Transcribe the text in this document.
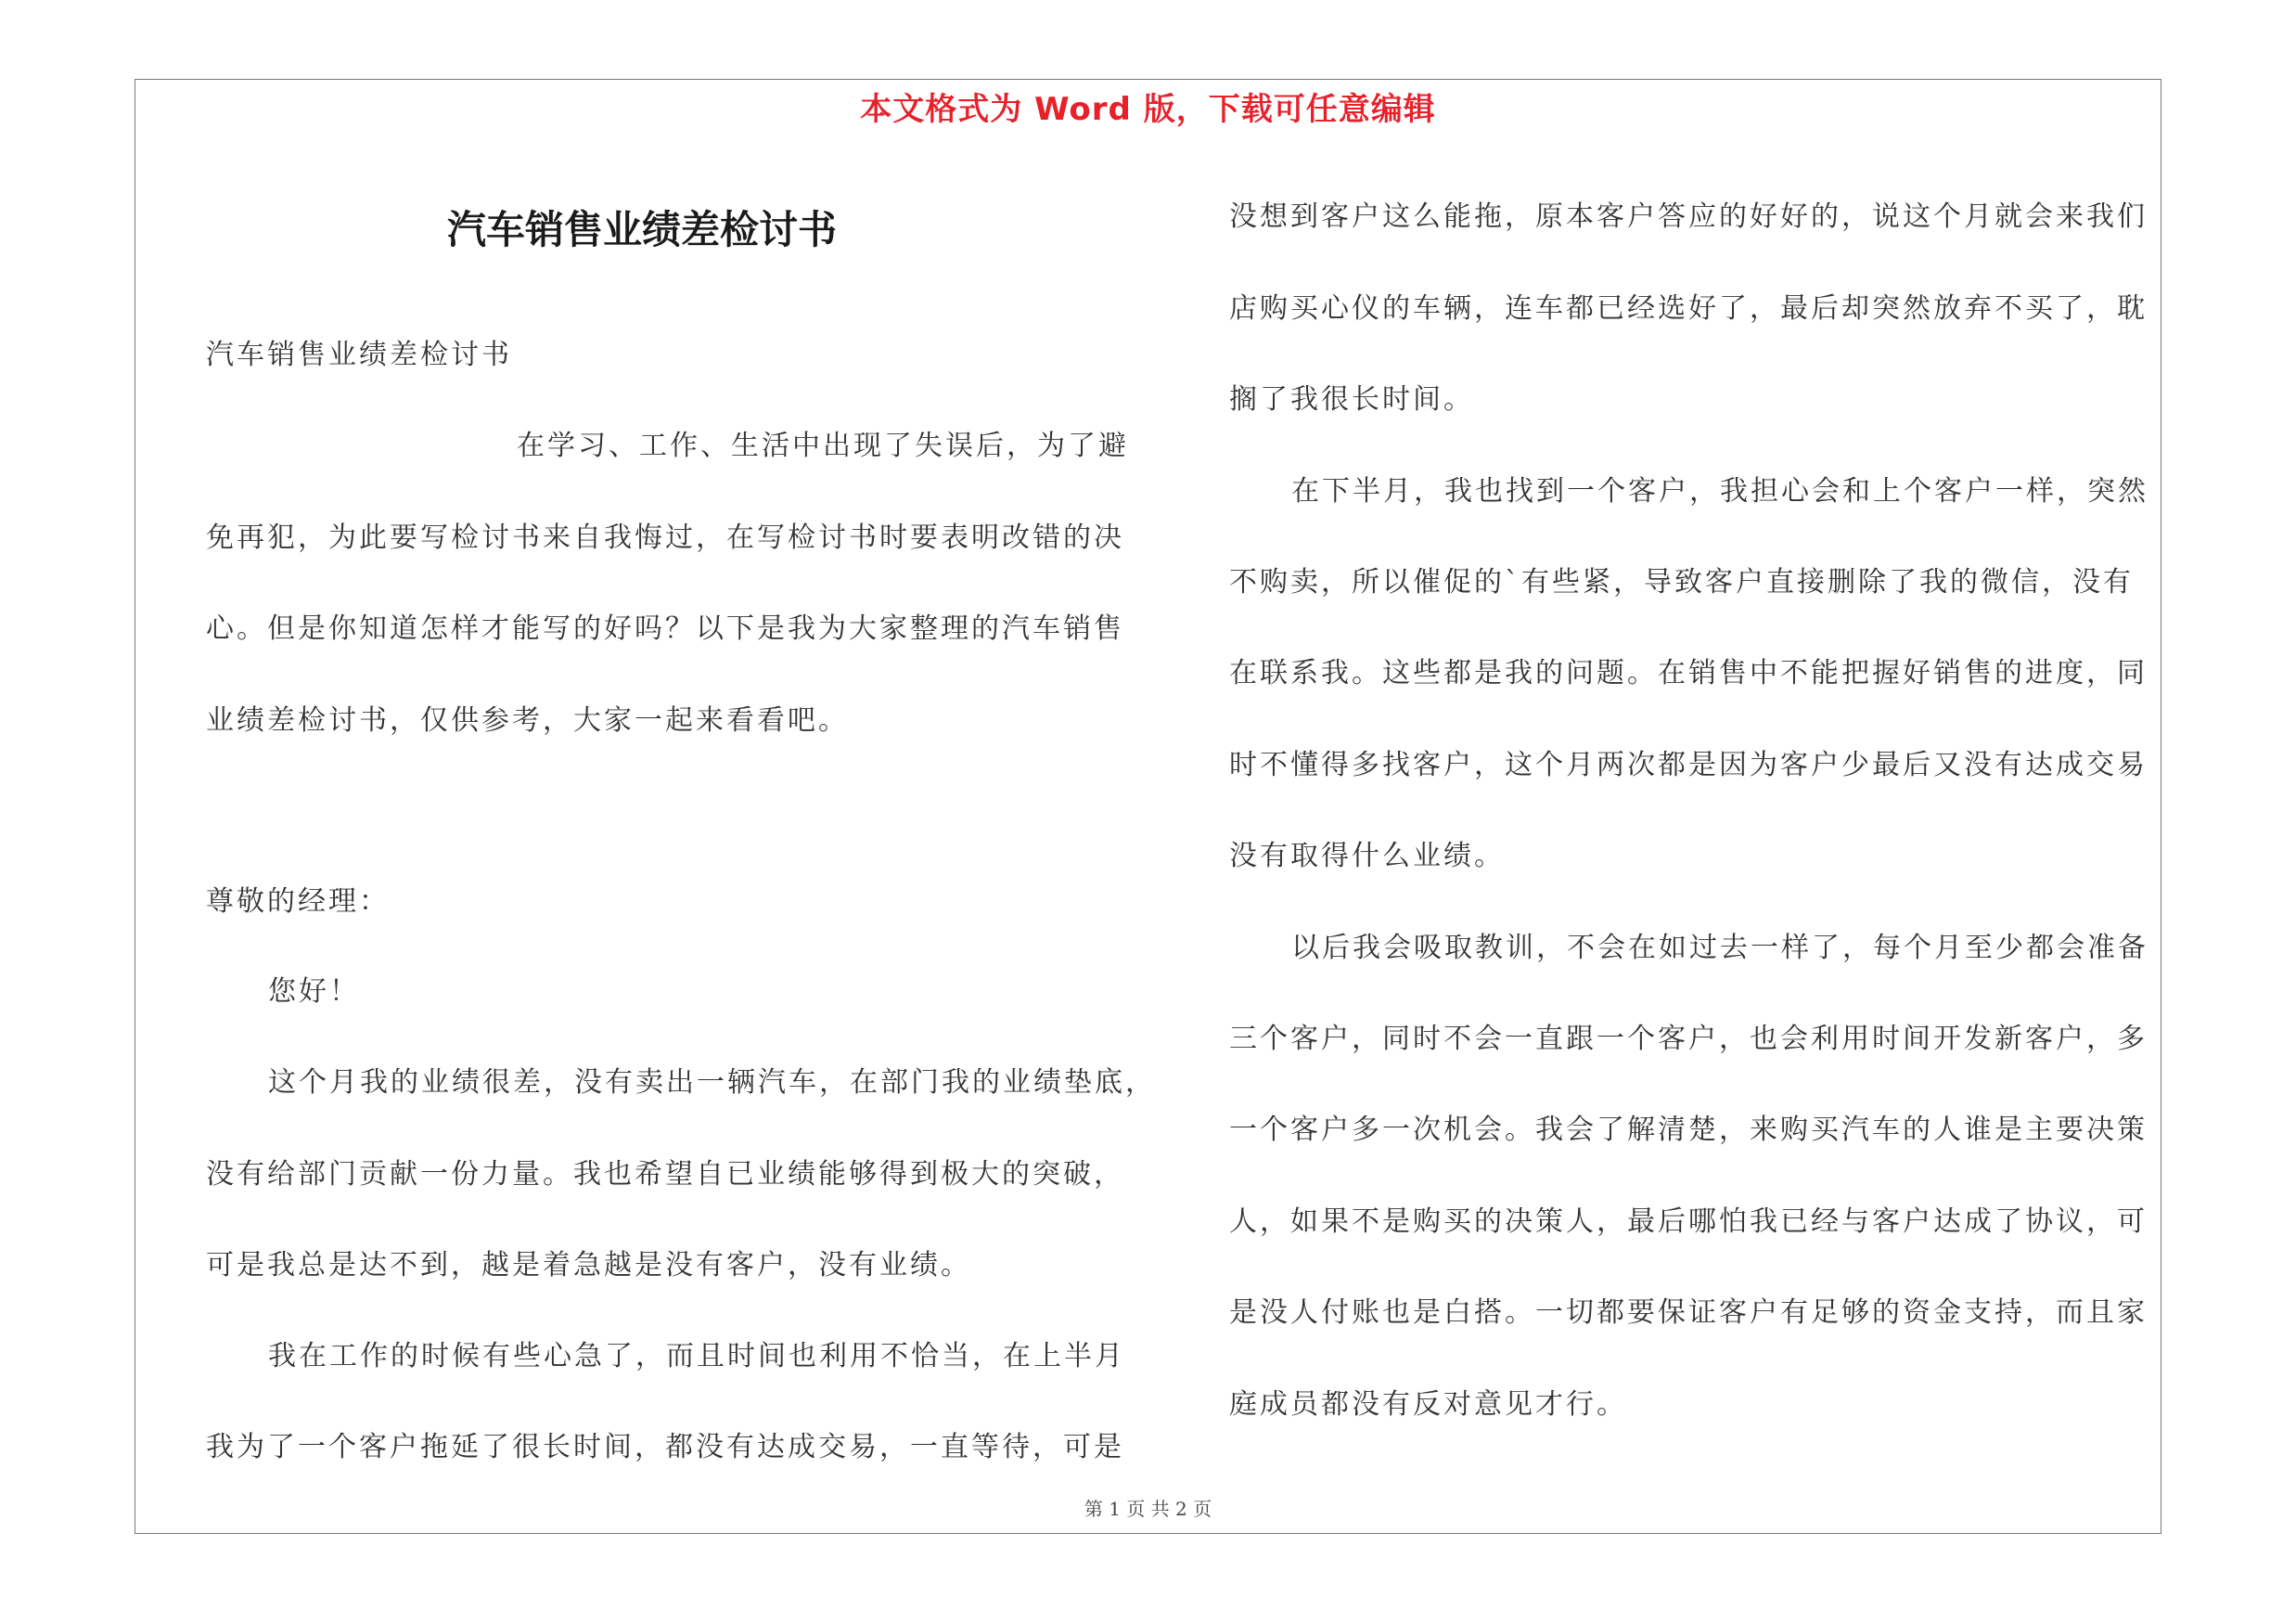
本文格式为 Word 版，下载可任意编辑
汽车销售业绩差检讨书
汽车销售业绩差检讨书
在学习、工作、生活中出现了失误后，为了避
免再犯，为此要写检讨书来自我悔过，在写检讨书时要表明改错的决
心。但是你知道怎样才能写的好吗？以下是我为大家整理的汽车销售
业绩差检讨书，仅供参考，大家一起来看看吧。
尊敬的经理：
您好！
这个月我的业绩很差，没有卖出一辆汽车，在部门我的业绩垫底，
没有给部门贡献一份力量。我也希望自已业绩能够得到极大的突破，
可是我总是达不到，越是着急越是没有客户，没有业绩。
我在工作的时候有些心急了，而且时间也利用不恰当，在上半月
我为了一个客户拖延了很长时间，都没有达成交易，一直等待，可是
没想到客户这么能拖，原本客户答应的好好的，说这个月就会来我们
店购买心仪的车辆，连车都已经选好了，最后却突然放弃不买了，耽
搁了我很长时间。
在下半月，我也找到一个客户，我担心会和上个客户一样，突然
不购卖，所以催促的`有些紧，导致客户直接删除了我的微信，没有
在联系我。这些都是我的问题。在销售中不能把握好销售的进度，同
时不懂得多找客户，这个月两次都是因为客户少最后又没有达成交易
没有取得什么业绩。
以后我会吸取教训，不会在如过去一样了，每个月至少都会准备
三个客户，同时不会一直跟一个客户，也会利用时间开发新客户，多
一个客户多一次机会。我会了解清楚，来购买汽车的人谁是主要决策
人，如果不是购买的决策人，最后哪怕我已经与客户达成了协议，可
是没人付账也是白搭。一切都要保证客户有足够的资金支持，而且家
庭成员都没有反对意见才行。
第 1 页 共 2 页
